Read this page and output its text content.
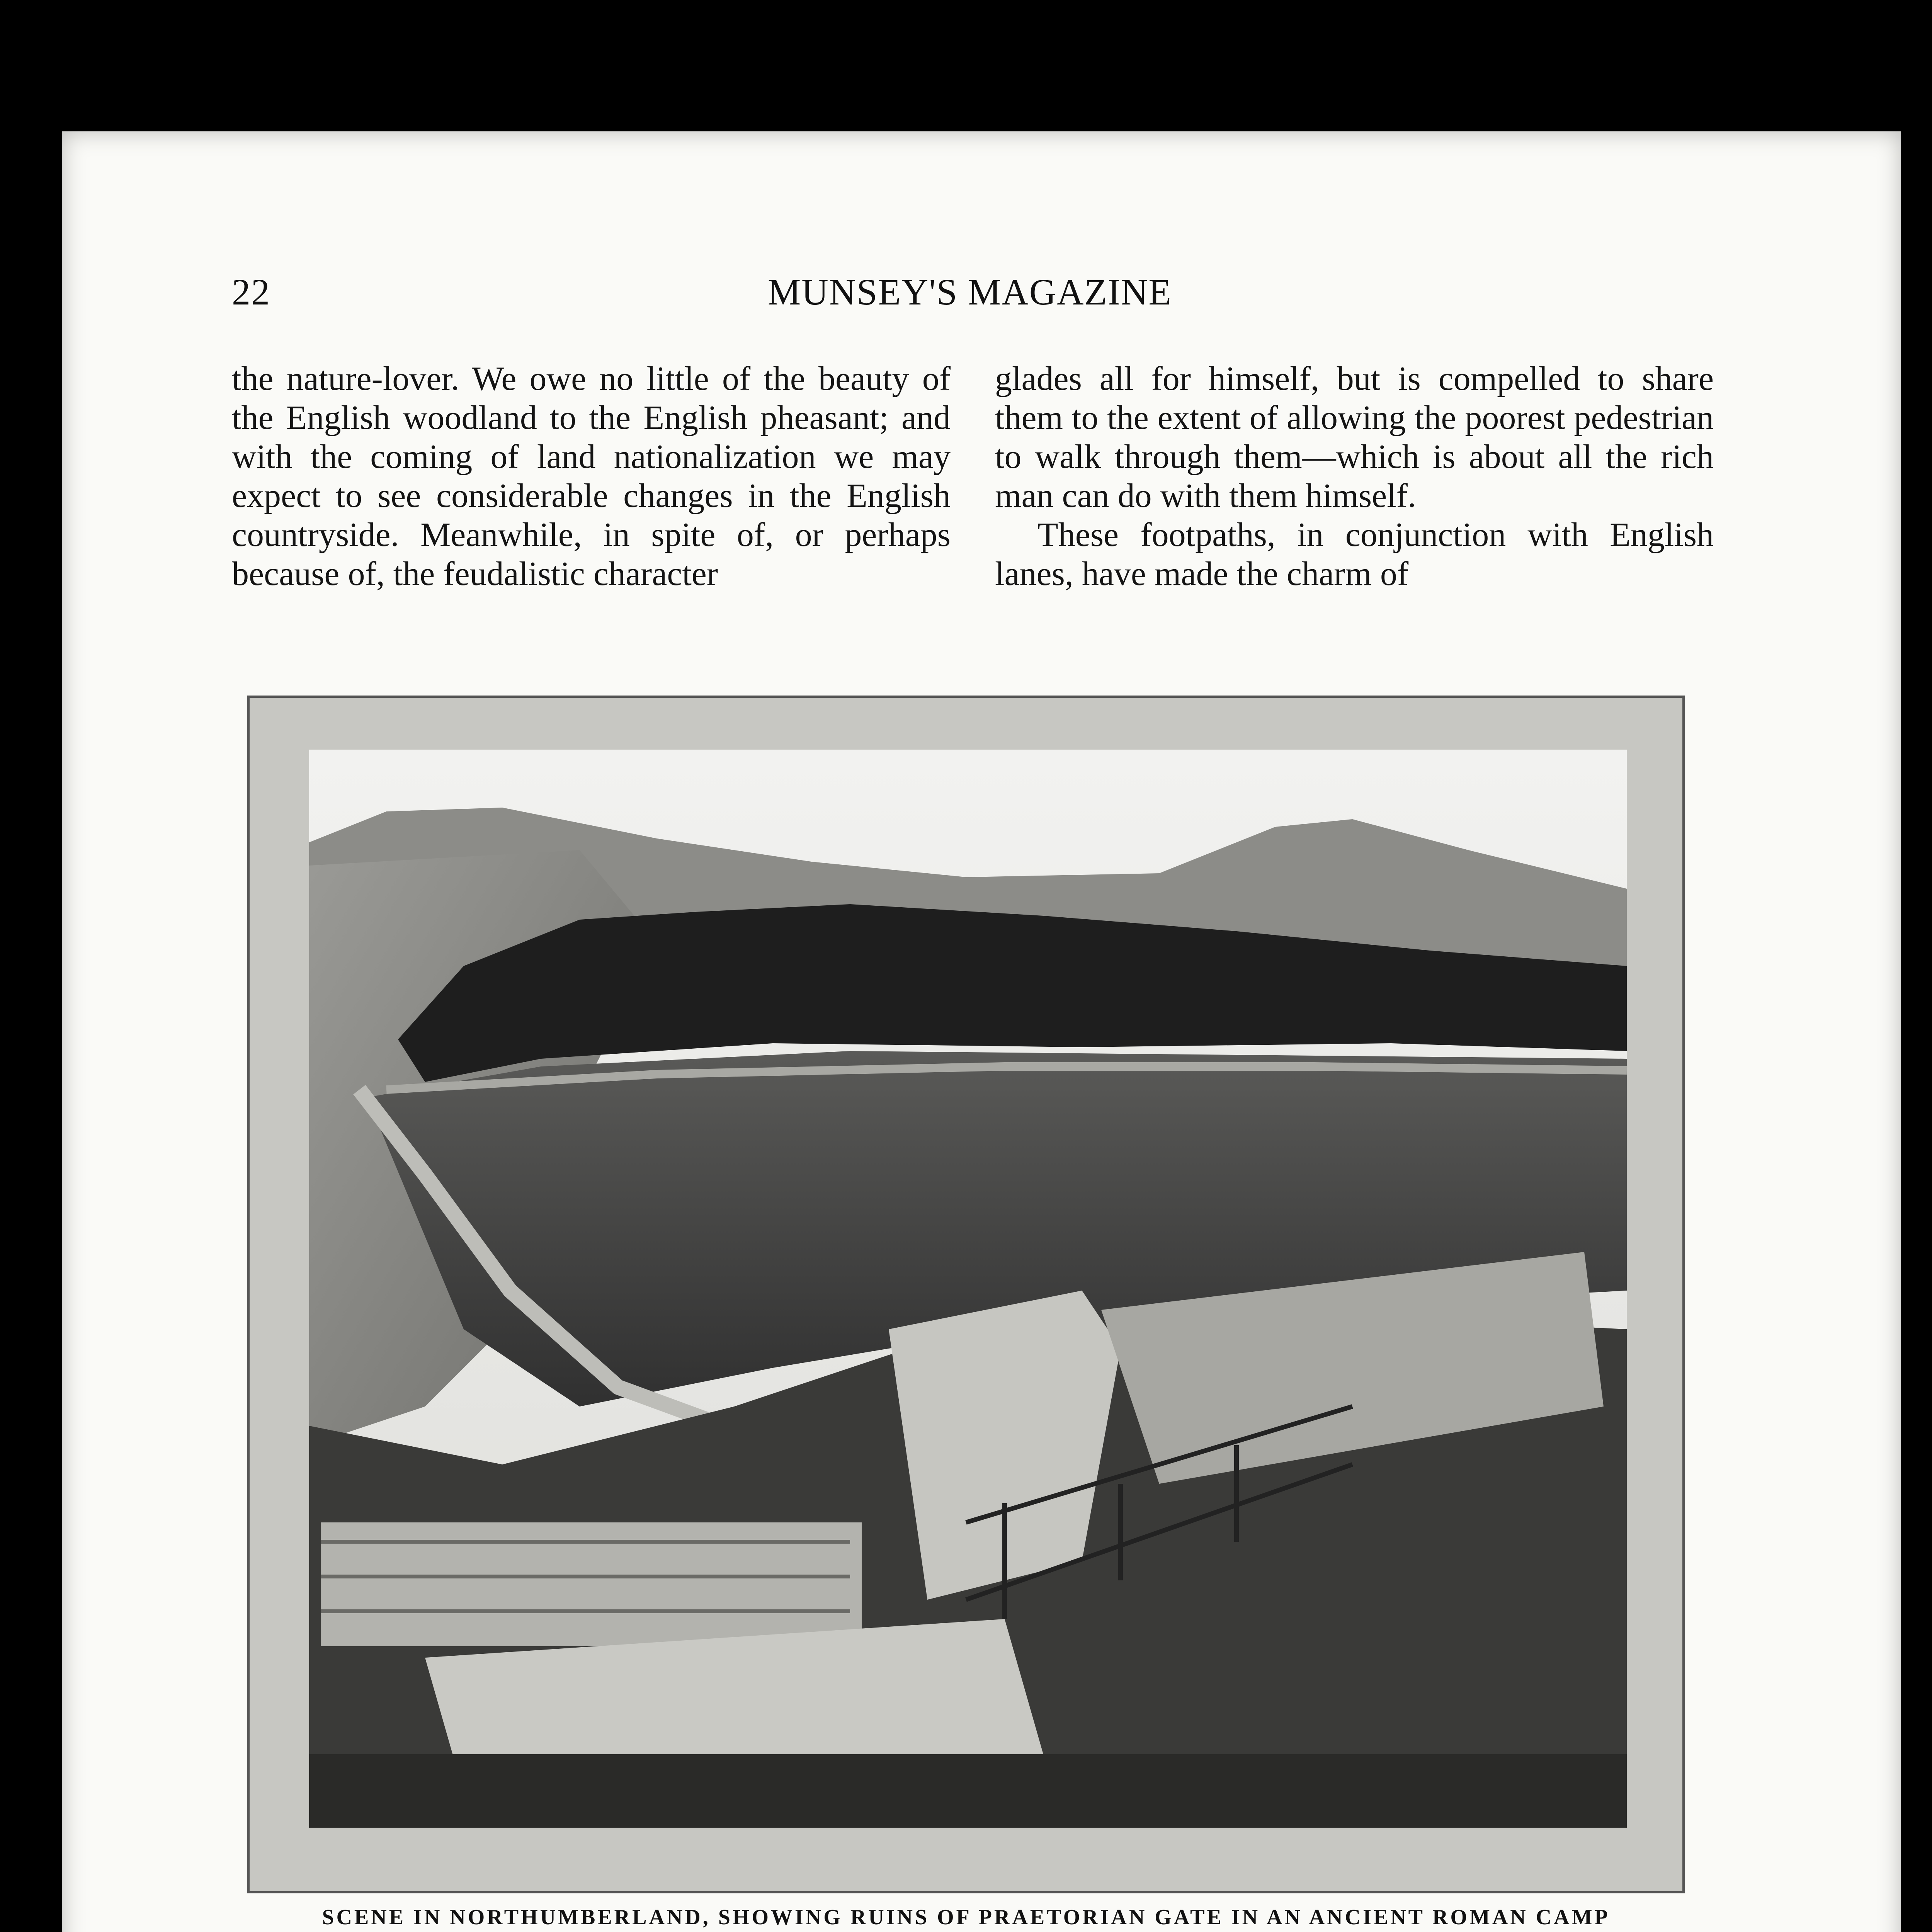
22	MUNSEY'S MAGAZINE

the nature-lover. We owe no little of the beauty of the English woodland to the English pheasant; and with the coming of land nationalization we may expect to see considerable changes in the English countryside. Meanwhile, in spite of, or perhaps because of, the feudalistic character

glades all for himself, but is compelled to share them to the extent of allowing the poorest pedestrian to walk through them—which is about all the rich man can do with them himself.

These footpaths, in conjunction with English lanes, have made the charm of

SCENE IN NORTHUMBERLAND, SHOWING RUINS OF PRAETORIAN GATE IN AN ANCIENT ROMAN CAMP
